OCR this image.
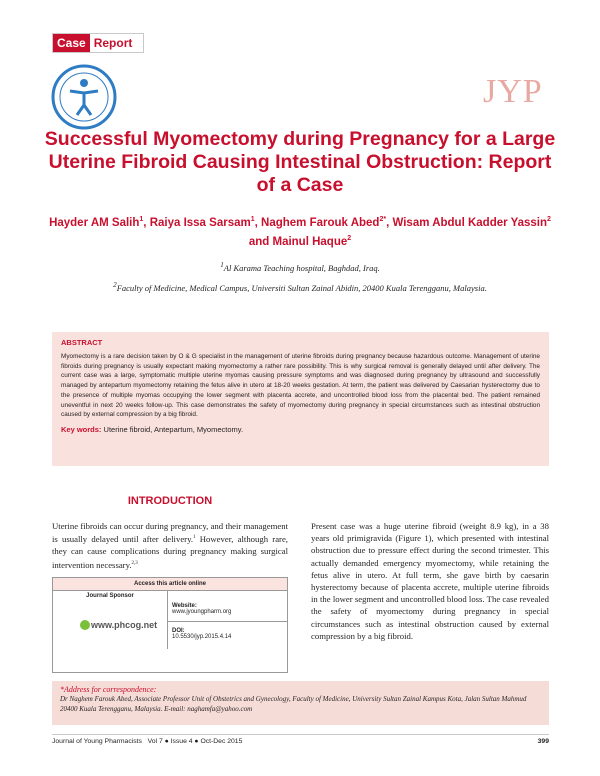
Case Report
JYP
Successful Myomectomy during Pregnancy for a Large Uterine Fibroid Causing Intestinal Obstruction: Report of a Case
Hayder AM Salih$^1$, Raiya Issa Sarsam$^1$, Naghem Farouk Abed$^{2*}$, Wisam Abdul Kadder Yassin$^2$ and Mainul Haque$^2$
$^1$Al Karama Teaching hospital, Baghdad, Iraq.
$^2$Faculty of Medicine, Medical Campus, Universiti Sultan Zainal Abidin, 20400 Kuala Terengganu, Malaysia.
ABSTRACT
Myomectomy is a rare decision taken by O & G specialist in the management of uterine fibroids during pregnancy because hazardous outcome. Management of uterine fibroids during pregnancy is usually expectant making myomectomy a rather rare possibility. This is why surgical removal is generally delayed until after delivery. The current case was a large, symptomatic multiple uterine myomas causing pressure symptoms and was diagnosed during pregnancy by ultrasound and successfully managed by antepartum myomectomy retaining the fetus alive in utero at 18-20 weeks gestation. At term, the patient was delivered by Caesarian hysterectomy due to the presence of multiple myomas occupying the lower segment with placenta accrete, and uncontrolled blood loss from the placental bed. The patient remained uneventful in next 20 weeks follow-up. This case demonstrates the safety of myomectomy during pregnancy in special circumstances such as intestinal obstruction caused by external compression by a big fibroid.
Key words: Uterine fibroid, Antepartum, Myomectomy.
INTRODUCTION
Uterine fibroids can occur during pregnancy, and their management is usually delayed until after delivery.$^1$ However, although rare, they can cause complications during pregnancy making surgical intervention necessary.$^{2,3}$
Present case was a huge uterine fibroid (weight 8.9 kg), in a 38 years old primigravida (Figure 1), which presented with intestinal obstruction due to pressure effect during the second trimester. This actually demanded emergency myomectomy, while retaining the fetus alive in utero. At full term, she gave birth by caesarin hysterectomy because of placenta accrete, multiple uterine fibroids in the lower segment and uncontrolled blood loss. The case revealed the safety of myomectomy during pregnancy in special circumstances such as intestinal obstruction caused by external compression by a big fibroid.
Access this article online
Journal Sponsor
www.phcog.net
Website:
www.jyoungpharm.org
DOI:
10.5530/jyp.2015.4.14
*Address for correspondence:
Dr Naghem Farouk Abed, Associate Professor Unit of Obstetrics and Gynecology, Faculty of Medicine, University Sultan Zainal Kampus Kota, Jalan Sultan Mahmud 20400 Kuala Terengganu, Malaysia. E-mail: naghamfa@yahoo.com
Journal of Young Pharmacists Vol 7 ● Issue 4 ● Oct-Dec 2015	399
